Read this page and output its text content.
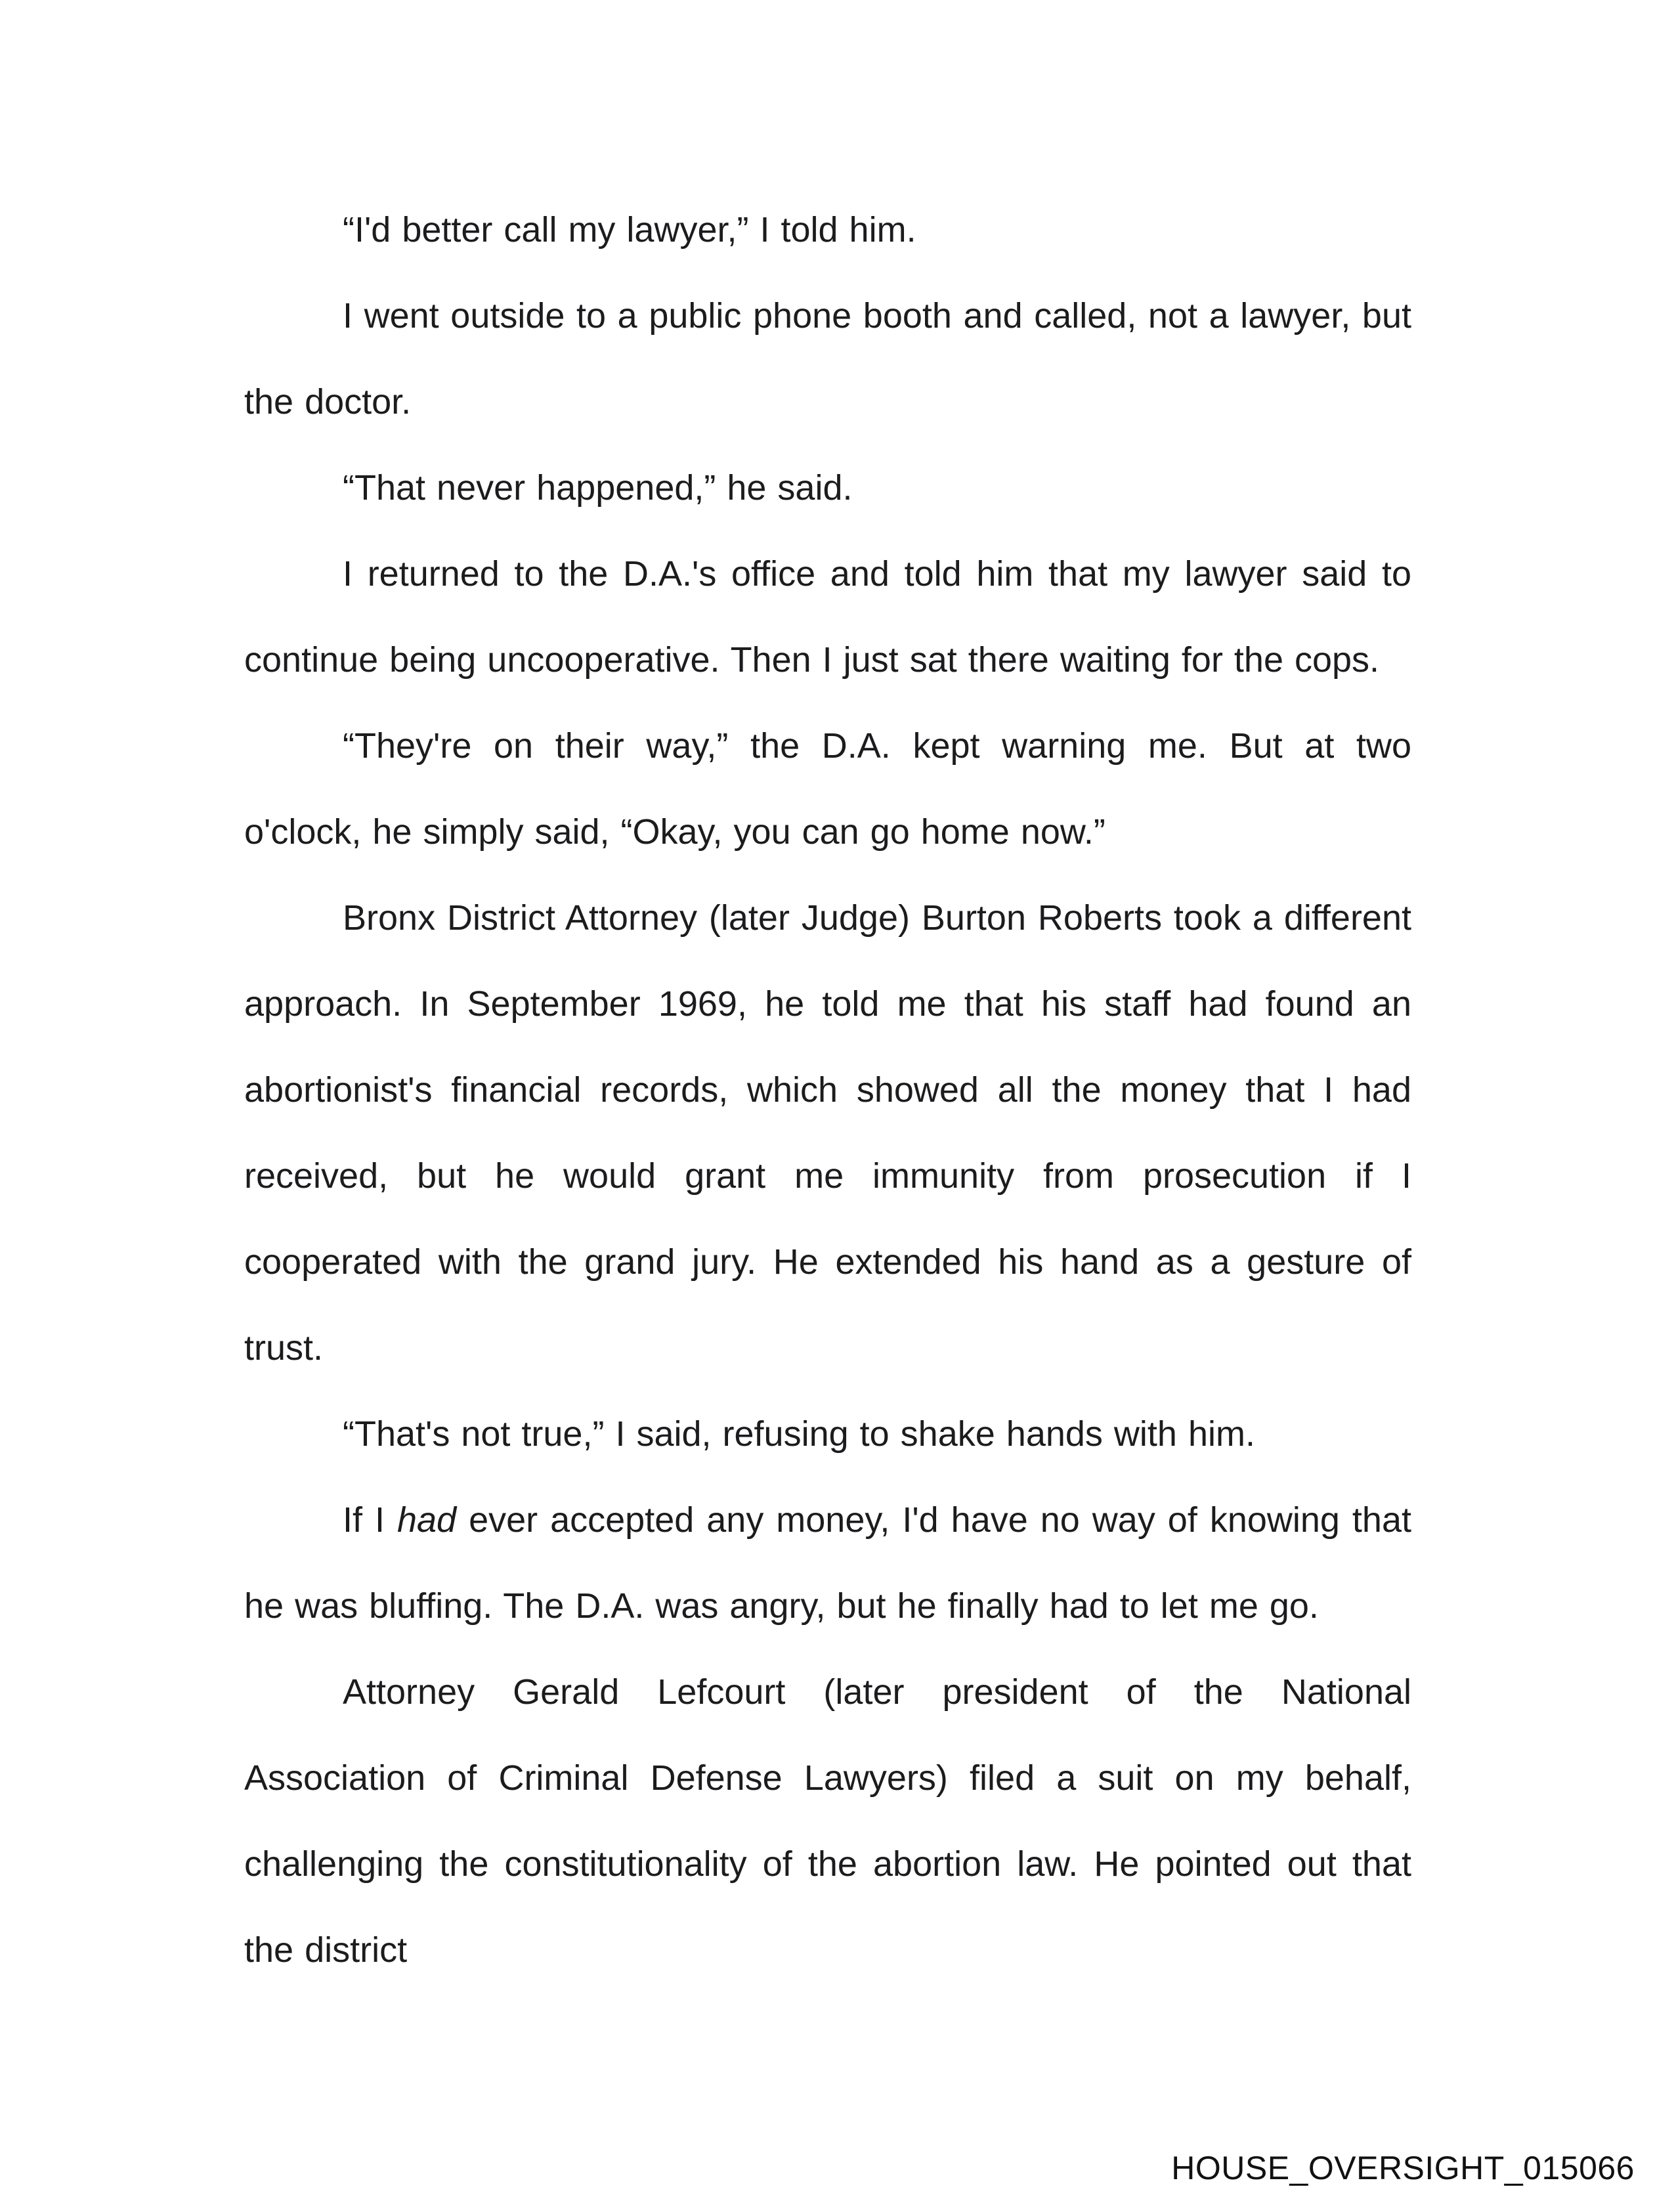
“I'd better call my lawyer,” I told him.

I went outside to a public phone booth and called, not a lawyer, but the doctor.

“That never happened,” he said.

I returned to the D.A.'s office and told him that my lawyer said to continue being uncooperative. Then I just sat there waiting for the cops.

“They're on their way,” the D.A. kept warning me. But at two o'clock, he simply said, “Okay, you can go home now.”

Bronx District Attorney (later Judge) Burton Roberts took a different approach. In September 1969, he told me that his staff had found an abortionist's financial records, which showed all the money that I had received, but he would grant me immunity from prosecution if I cooperated with the grand jury. He extended his hand as a gesture of trust.

“That's not true,” I said, refusing to shake hands with him.

If I had ever accepted any money, I'd have no way of knowing that he was bluffing. The D.A. was angry, but he finally had to let me go.

Attorney Gerald Lefcourt (later president of the National Association of Criminal Defense Lawyers) filed a suit on my behalf, challenging the constitutionality of the abortion law. He pointed out that the district

HOUSE_OVERSIGHT_015066
